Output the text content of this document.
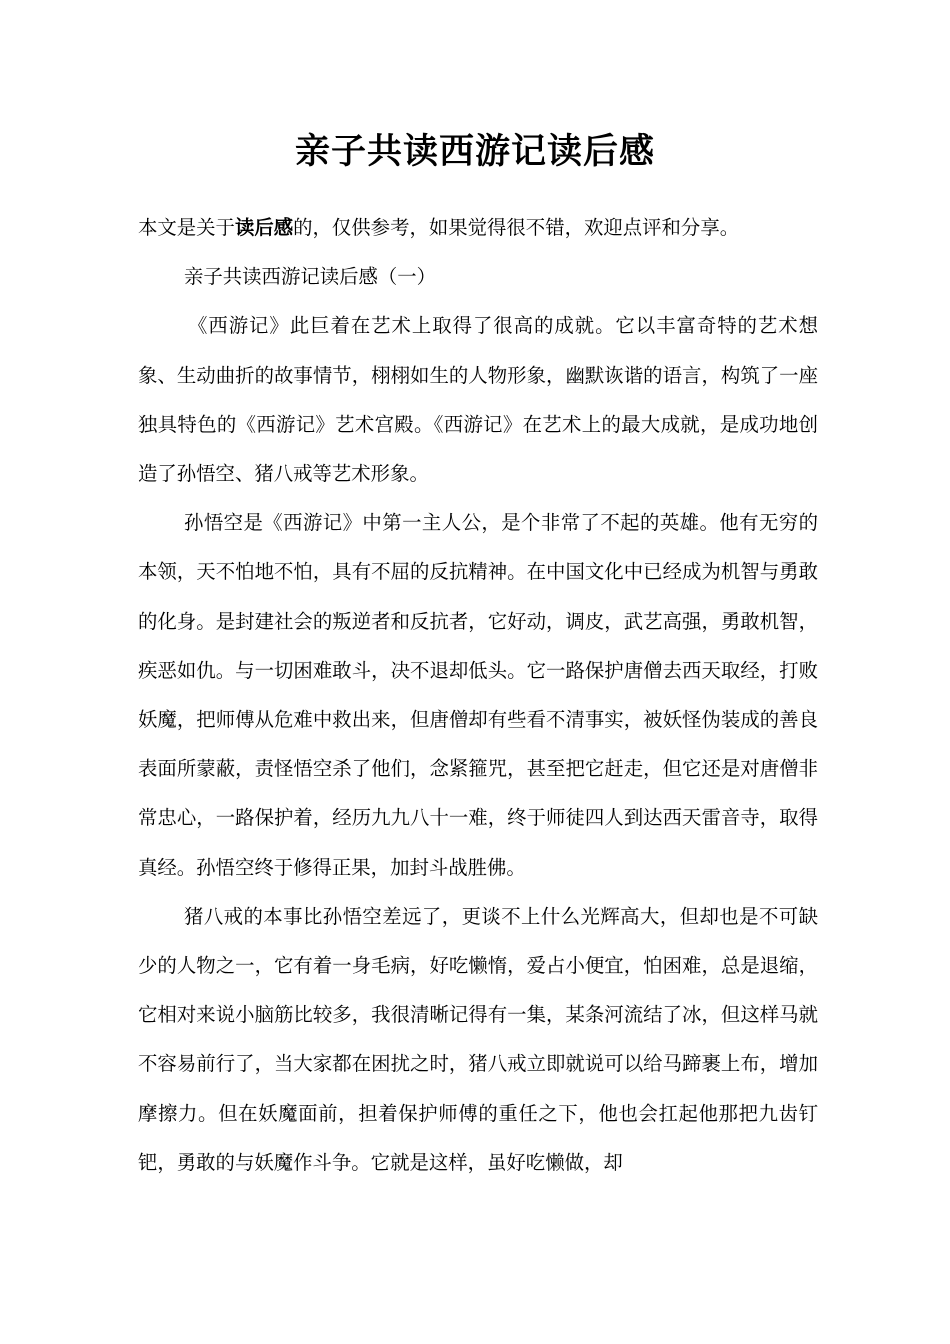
亲子共读西游记读后感

本文是关于读后感的，仅供参考，如果觉得很不错，欢迎点评和分享。

亲子共读西游记读后感（一）

《西游记》此巨着在艺术上取得了很高的成就。它以丰富奇特的艺术想象、生动曲折的故事情节，栩栩如生的人物形象，幽默诙谐的语言，构筑了一座独具特色的《西游记》艺术宫殿。《西游记》在艺术上的最大成就，是成功地创造了孙悟空、猪八戒等艺术形象。

孙悟空是《西游记》中第一主人公，是个非常了不起的英雄。他有无穷的本领，天不怕地不怕，具有不屈的反抗精神。在中国文化中已经成为机智与勇敢的化身。是封建社会的叛逆者和反抗者，它好动，调皮，武艺高强，勇敢机智，疾恶如仇。与一切困难敢斗，决不退却低头。它一路保护唐僧去西天取经，打败妖魔，把师傅从危难中救出来，但唐僧却有些看不清事实，被妖怪伪装成的善良表面所蒙蔽，责怪悟空杀了他们，念紧箍咒，甚至把它赶走，但它还是对唐僧非常忠心，一路保护着，经历九九八十一难，终于师徒四人到达西天雷音寺，取得真经。孙悟空终于修得正果，加封斗战胜佛。

猪八戒的本事比孙悟空差远了，更谈不上什么光辉高大，但却也是不可缺少的人物之一，它有着一身毛病，好吃懒惰，爱占小便宜，怕困难，总是退缩，它相对来说小脑筋比较多，我很清晰记得有一集，某条河流结了冰，但这样马就不容易前行了，当大家都在困扰之时，猪八戒立即就说可以给马蹄裹上布，增加摩擦力。但在妖魔面前，担着保护师傅的重任之下，他也会扛起他那把九齿钉钯，勇敢的与妖魔作斗争。它就是这样，虽好吃懒做，却
